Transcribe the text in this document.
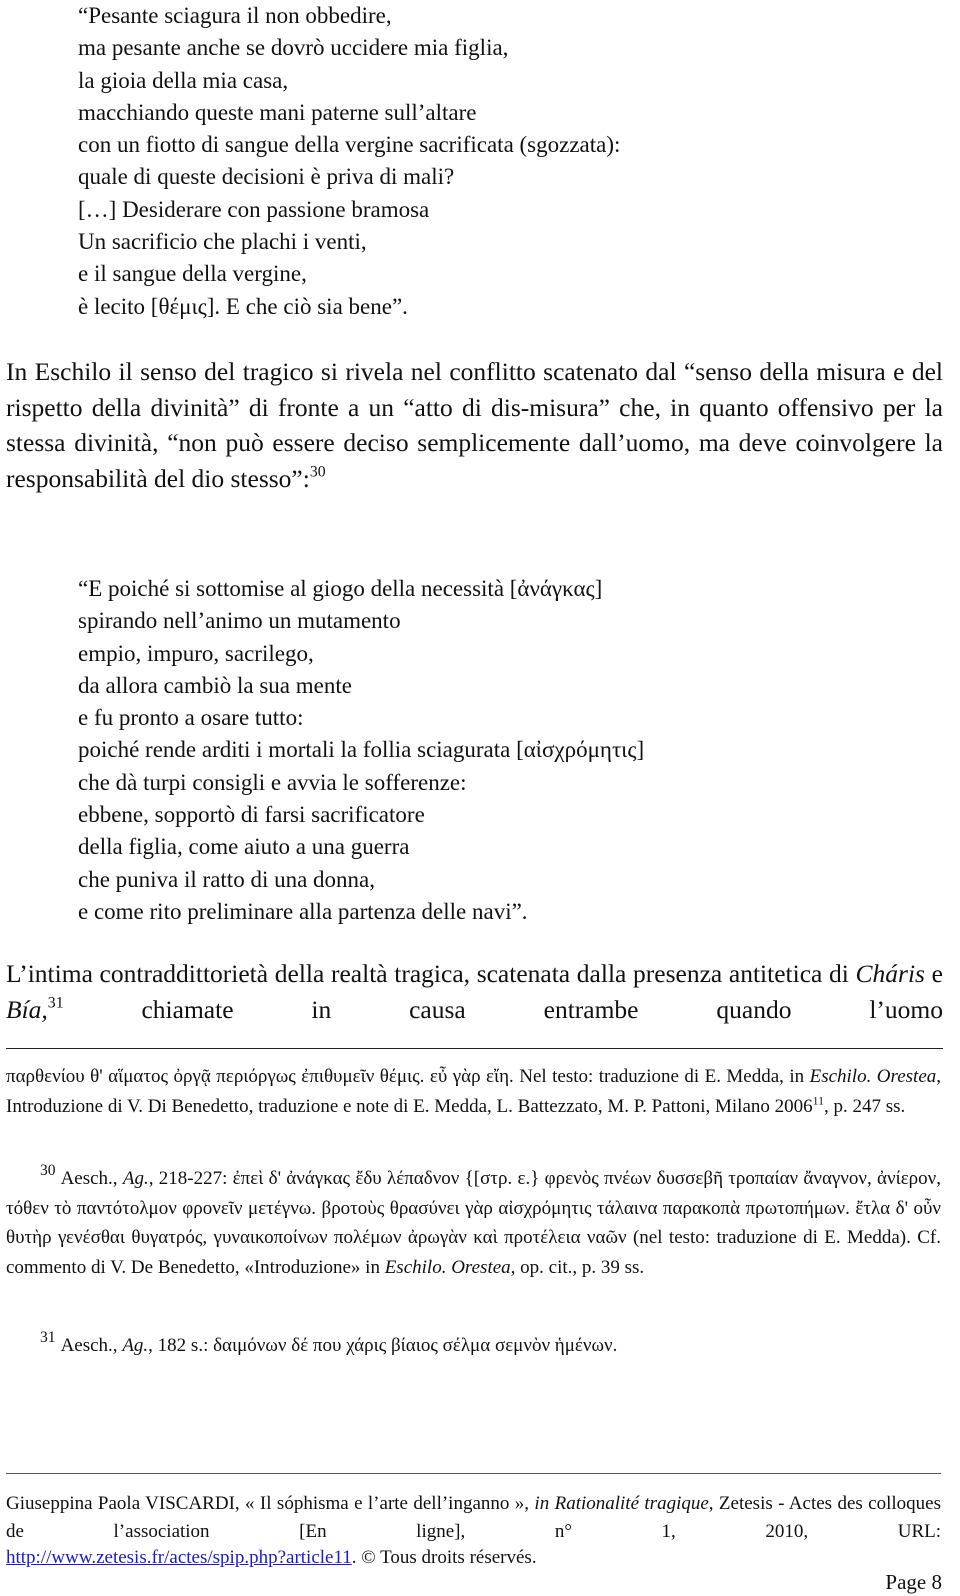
“Pesante sciagura il non obbedire,
ma pesante anche se dovrò uccidere mia figlia,
la gioia della mia casa,
macchiando queste mani paterne sull’altare
con un fiotto di sangue della vergine sacrificata (sgozzata):
quale di queste decisioni è priva di mali?
[…] Desiderare con passione bramosa
Un sacrificio che plachi i venti,
e il sangue della vergine,
è lecito [θέμις]. E che ciò sia bene”.

In Eschilo il senso del tragico si rivela nel conflitto scatenato dal “senso della misura e del rispetto della divinità” di fronte a un “atto di dis-misura” che, in quanto offensivo per la stessa divinità, “non può essere deciso semplicemente dall’uomo, ma deve coinvolgere la responsabilità del dio stesso”:$^{30}$

“E poiché si sottomise al giogo della necessità [ἀνάγκας]
spirando nell’animo un mutamento
empio, impuro, sacrilego,
da allora cambiò la sua mente
e fu pronto a osare tutto:
poiché rende arditi i mortali la follia sciagurata [αἰσχρόμητις]
che dà turpi consigli e avvia le sofferenze:
ebbene, sopportò di farsi sacrificatore
della figlia, come aiuto a una guerra
che puniva il ratto di una donna,
e come rito preliminare alla partenza delle navi”.

L’intima contraddittorietà della realtà tragica, scatenata dalla presenza antitetica di Cháris e Bía,$^{31}$ chiamate in causa entrambe quando l’uomo

παρθενίου θ' αἵματος ὀργᾷ περιόργως ἐπιθυμεῖν θέμις. εὖ γὰρ εἴη. Nel testo: traduzione di E. Medda, in Eschilo. Orestea, Introduzione di V. Di Benedetto, traduzione e note di E. Medda, L. Battezzato, M. P. Pattoni, Milano 2006$^{11}$, p. 247 ss.

$^{30}$ Aesch., Ag., 218-227: ἐπεὶ δ' ἀνάγκας ἔδυ λέπαδνον {[στρ. ε.} φρενὸς πνέων δυσσεβῆ τροπαίαν ἄναγνον, ἀνίερον, τόθεν τὸ παντότολμον φρονεῖν μετέγνω. βροτοὺς θρασύνει γὰρ αἰσχρόμητις τάλαινα παρακοπὰ πρωτοπήμων. ἔτλα δ' οὖν θυτὴρ γενέσθαι θυγατρός, γυναικοποίνων πολέμων ἀρωγὰν καὶ προτέλεια ναῶν (nel testo: traduzione di E. Medda). Cf. commento di V. De Benedetto, «Introduzione» in Eschilo. Orestea, op. cit., p. 39 ss.

$^{31}$ Aesch., Ag., 182 s.: δαιμόνων δέ που χάρις βίαιος σέλμα σεμνὸν ἡμένων.

Giuseppina Paola VISCARDI, « Il sóphisma e l’arte dell’inganno », in Rationalité tragique, Zetesis - Actes des colloques de l’association [En ligne], n° 1, 2010, URL:

http://www.zetesis.fr/actes/spip.php?article11. © Tous droits réservés.

Page 8
